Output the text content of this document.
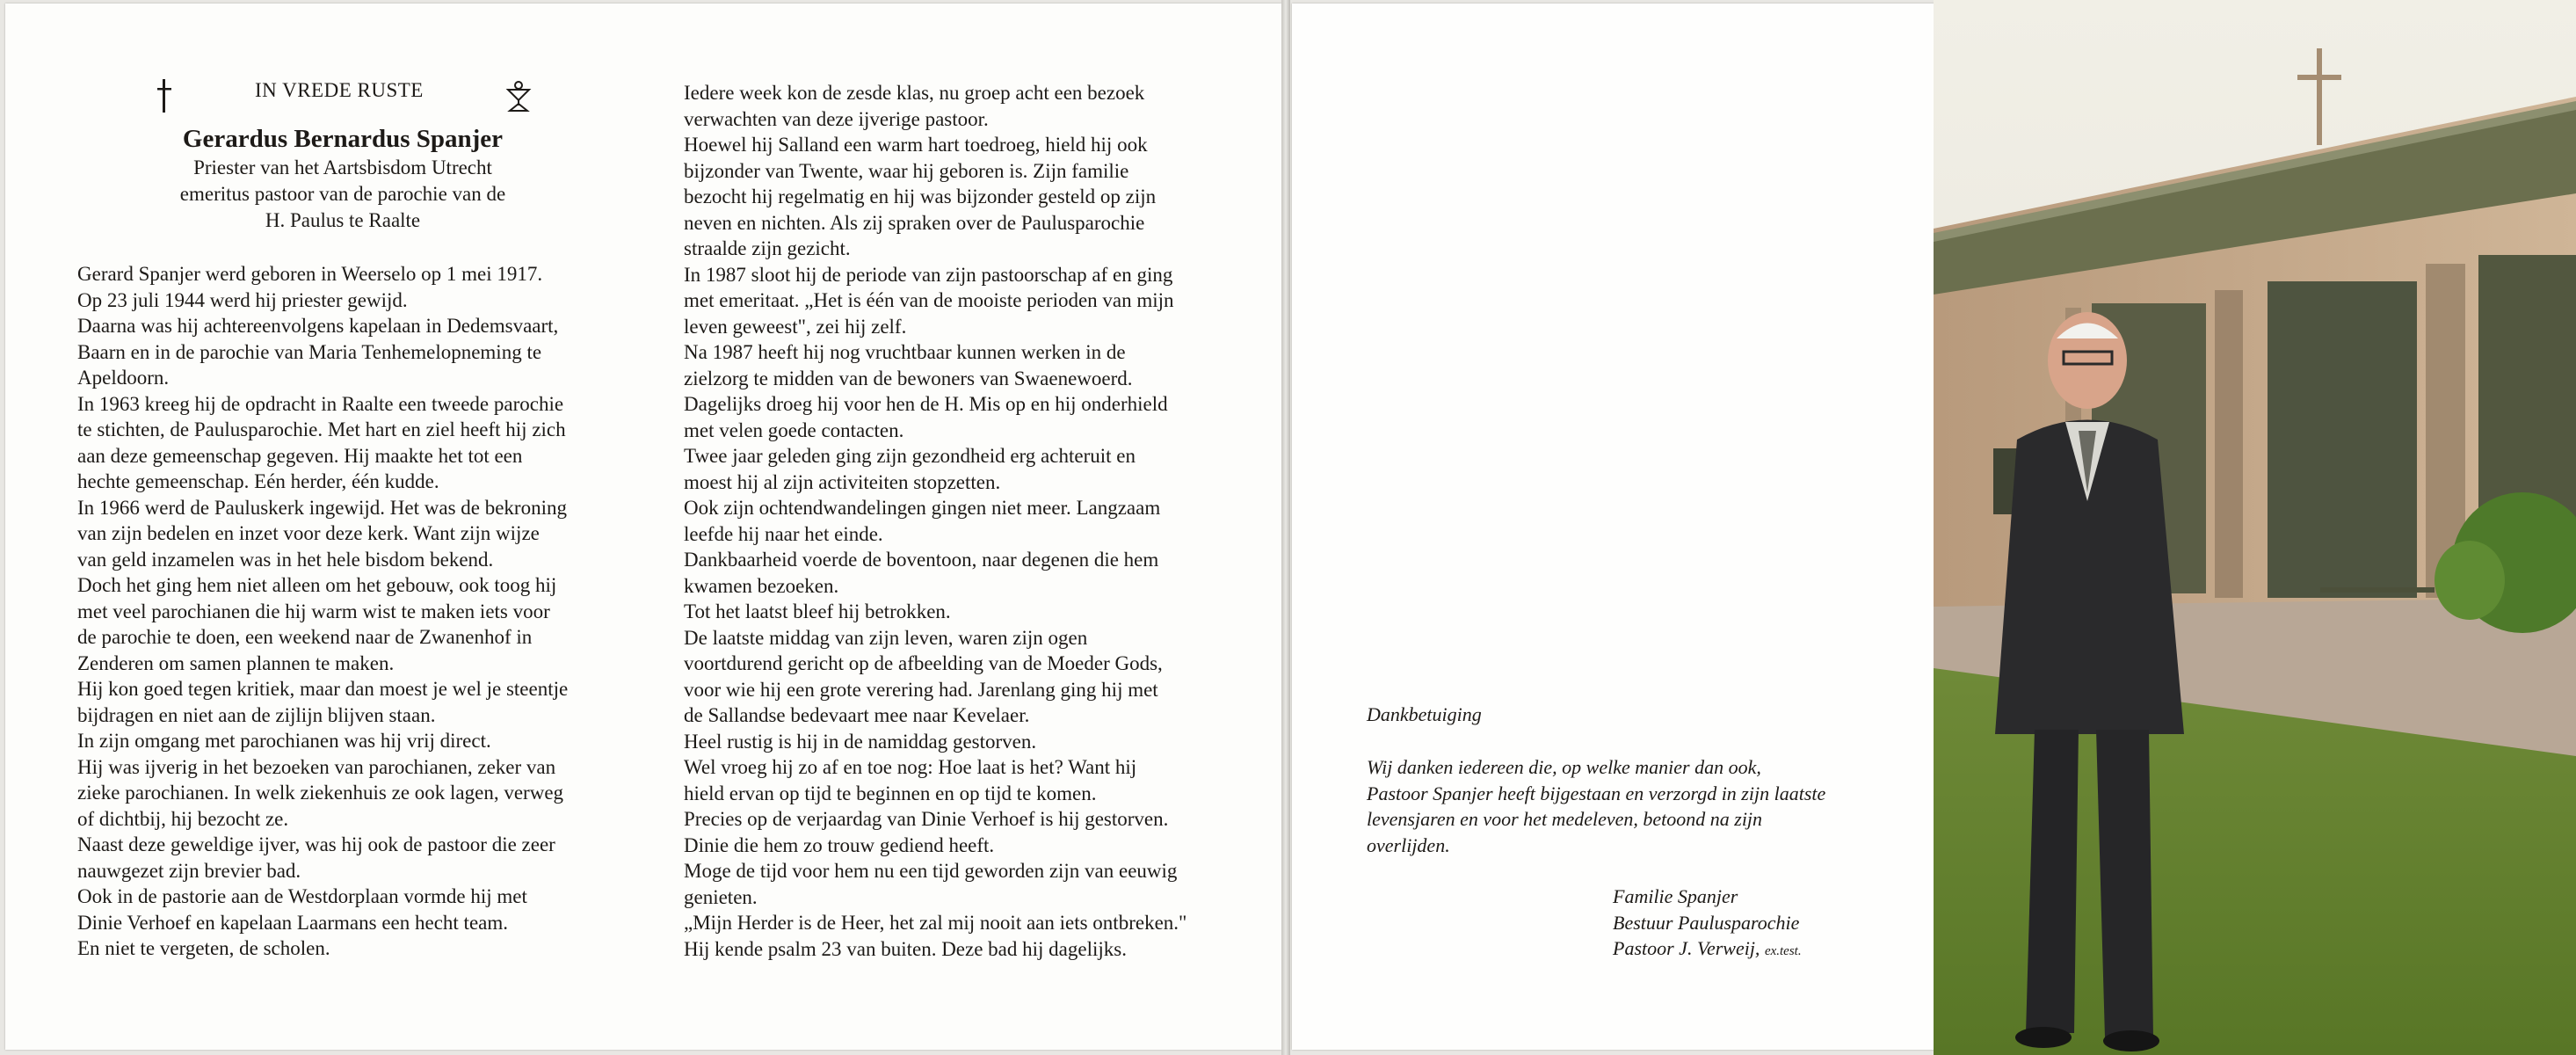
IN VREDE RUSTE
Gerardus Bernardus Spanjer
Priester van het Aartsbisdom Utrecht
emeritus pastoor van de parochie van de
H. Paulus te Raalte
Gerard Spanjer werd geboren in Weerselo op 1 mei 1917.
Op 23 juli 1944 werd hij priester gewijd.
Daarna was hij achtereenvolgens kapelaan in Dedemsvaart,
Baarn en in de parochie van Maria Tenhemelopneming te
Apeldoorn.
In 1963 kreeg hij de opdracht in Raalte een tweede parochie
te stichten, de Paulusparochie. Met hart en ziel heeft hij zich
aan deze gemeenschap gegeven. Hij maakte het tot een
hechte gemeenschap. Eén herder, één kudde.
In 1966 werd de Pauluskerk ingewijd. Het was de bekroning
van zijn bedelen en inzet voor deze kerk. Want zijn wijze
van geld inzamelen was in het hele bisdom bekend.
Doch het ging hem niet alleen om het gebouw, ook toog hij
met veel parochianen die hij warm wist te maken iets voor
de parochie te doen, een weekend naar de Zwanenhof in
Zenderen om samen plannen te maken.
Hij kon goed tegen kritiek, maar dan moest je wel je steentje
bijdragen en niet aan de zijlijn blijven staan.
In zijn omgang met parochianen was hij vrij direct.
Hij was ijverig in het bezoeken van parochianen, zeker van
zieke parochianen. In welk ziekenhuis ze ook lagen, verweg
of dichtbij, hij bezocht ze.
Naast deze geweldige ijver, was hij ook de pastoor die zeer
nauwgezet zijn brevier bad.
Ook in de pastorie aan de Westdorplaan vormde hij met
Dinie Verhoef en kapelaan Laarmans een hecht team.
En niet te vergeten, de scholen.
Iedere week kon de zesde klas, nu groep acht een bezoek
verwachten van deze ijverige pastoor.
Hoewel hij Salland een warm hart toedroeg, hield hij ook
bijzonder van Twente, waar hij geboren is. Zijn familie
bezocht hij regelmatig en hij was bijzonder gesteld op zijn
neven en nichten. Als zij spraken over de Paulusparochie
straalde zijn gezicht.
In 1987 sloot hij de periode van zijn pastoorschap af en ging
met emeritaat. „Het is één van de mooiste perioden van mijn
leven geweest", zei hij zelf.
Na 1987 heeft hij nog vruchtbaar kunnen werken in de
zielzorg te midden van de bewoners van Swaenewoerd.
Dagelijks droeg hij voor hen de H. Mis op en hij onderhield
met velen goede contacten.
Twee jaar geleden ging zijn gezondheid erg achteruit en
moest hij al zijn activiteiten stopzetten.
Ook zijn ochtendwandelingen gingen niet meer. Langzaam
leefde hij naar het einde.
Dankbaarheid voerde de boventoon, naar degenen die hem
kwamen bezoeken.
Tot het laatst bleef hij betrokken.
De laatste middag van zijn leven, waren zijn ogen
voortdurend gericht op de afbeelding van de Moeder Gods,
voor wie hij een grote verering had. Jarenlang ging hij met
de Sallandse bedevaart mee naar Kevelaer.
Heel rustig is hij in de namiddag gestorven.
Wel vroeg hij zo af en toe nog: Hoe laat is het? Want hij
hield ervan op tijd te beginnen en op tijd te komen.
Precies op de verjaardag van Dinie Verhoef is hij gestorven.
Dinie die hem zo trouw gediend heeft.
Moge de tijd voor hem nu een tijd geworden zijn van eeuwig
genieten.
„Mijn Herder is de Heer, het zal mij nooit aan iets ontbreken."
Hij kende psalm 23 van buiten. Deze bad hij dagelijks.
Dankbetuiging
Wij danken iedereen die, op welke manier dan ook,
Pastoor Spanjer heeft bijgestaan en verzorgd in zijn laatste
levensjaren en voor het medeleven, betoond na zijn
overlijden.
Familie Spanjer
Bestuur Paulusparochie
Pastoor J. Verweij, ex.test.
